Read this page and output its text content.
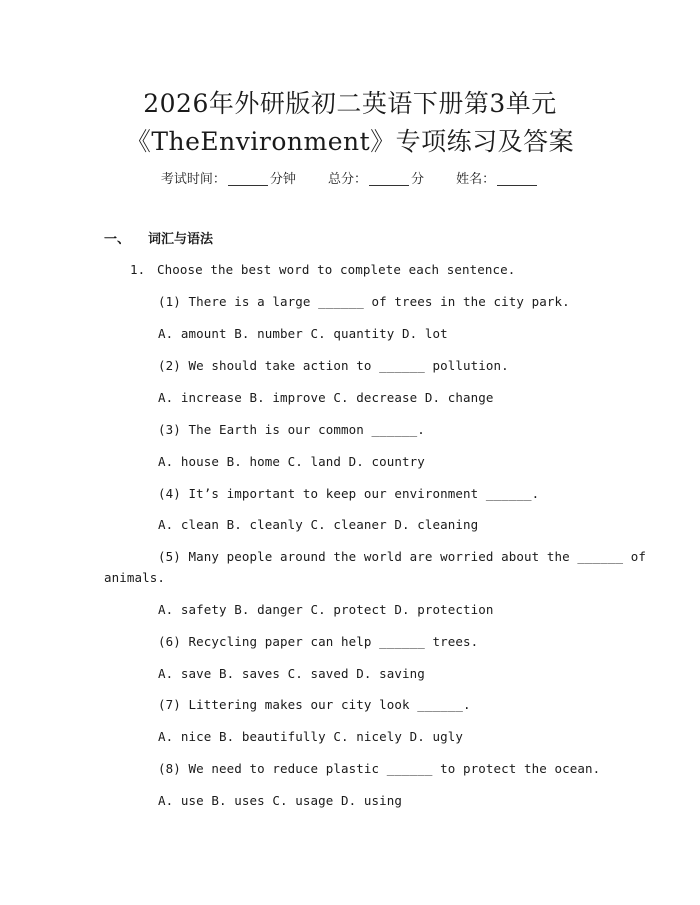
2026年外研版初二英语下册第3单元
《TheEnvironment》专项练习及答案
考试时间：	分钟 总分：	分 姓名：
一、 词汇与语法
1. Choose the best word to complete each sentence.
(1) There is a large ______ of trees in the city park.
A. amount B. number C. quantity D. lot
(2) We should take action to ______ pollution.
A. increase B. improve C. decrease D. change
(3) The Earth is our common ______.
A. house B. home C. land D. country
(4) It’s important to keep our environment ______.
A. clean B. cleanly C. cleaner D. cleaning
(5) Many people around the world are worried about the ______ of
animals.
A. safety B. danger C. protect D. protection
(6) Recycling paper can help ______ trees.
A. save B. saves C. saved D. saving
(7) Littering makes our city look ______.
A. nice B. beautifully C. nicely D. ugly
(8) We need to reduce plastic ______ to protect the ocean.
A. use B. uses C. usage D. using
